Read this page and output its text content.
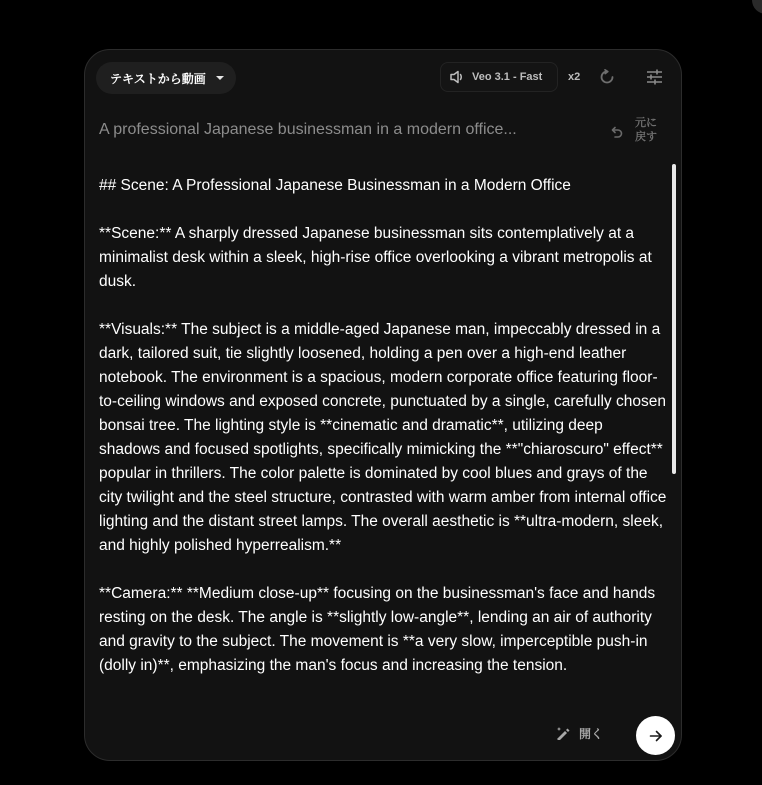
テキストから動画	Veo 3.1 - Fast x2
A professional Japanese businessman in a modern office...	元に戻す

## Scene: A Professional Japanese Businessman in a Modern Office

**Scene:** A sharply dressed Japanese businessman sits contemplatively at a minimalist desk within a sleek, high-rise office overlooking a vibrant metropolis at dusk.

**Visuals:** The subject is a middle-aged Japanese man, impeccably dressed in a dark, tailored suit, tie slightly loosened, holding a pen over a high-end leather notebook. The environment is a spacious, modern corporate office featuring floor-to-ceiling windows and exposed concrete, punctuated by a single, carefully chosen bonsai tree. The lighting style is **cinematic and dramatic**, utilizing deep shadows and focused spotlights, specifically mimicking the **"chiaroscuro" effect** popular in thrillers. The color palette is dominated by cool blues and grays of the city twilight and the steel structure, contrasted with warm amber from internal office lighting and the distant street lamps. The overall aesthetic is **ultra-modern, sleek, and highly polished hyperrealism.**

**Camera:** **Medium close-up** focusing on the businessman's face and hands resting on the desk. The angle is **slightly low-angle**, lending an air of authority and gravity to the subject. The movement is **a very slow, imperceptible push-in (dolly in)**, emphasizing the man's focus and increasing the tension.

開く
